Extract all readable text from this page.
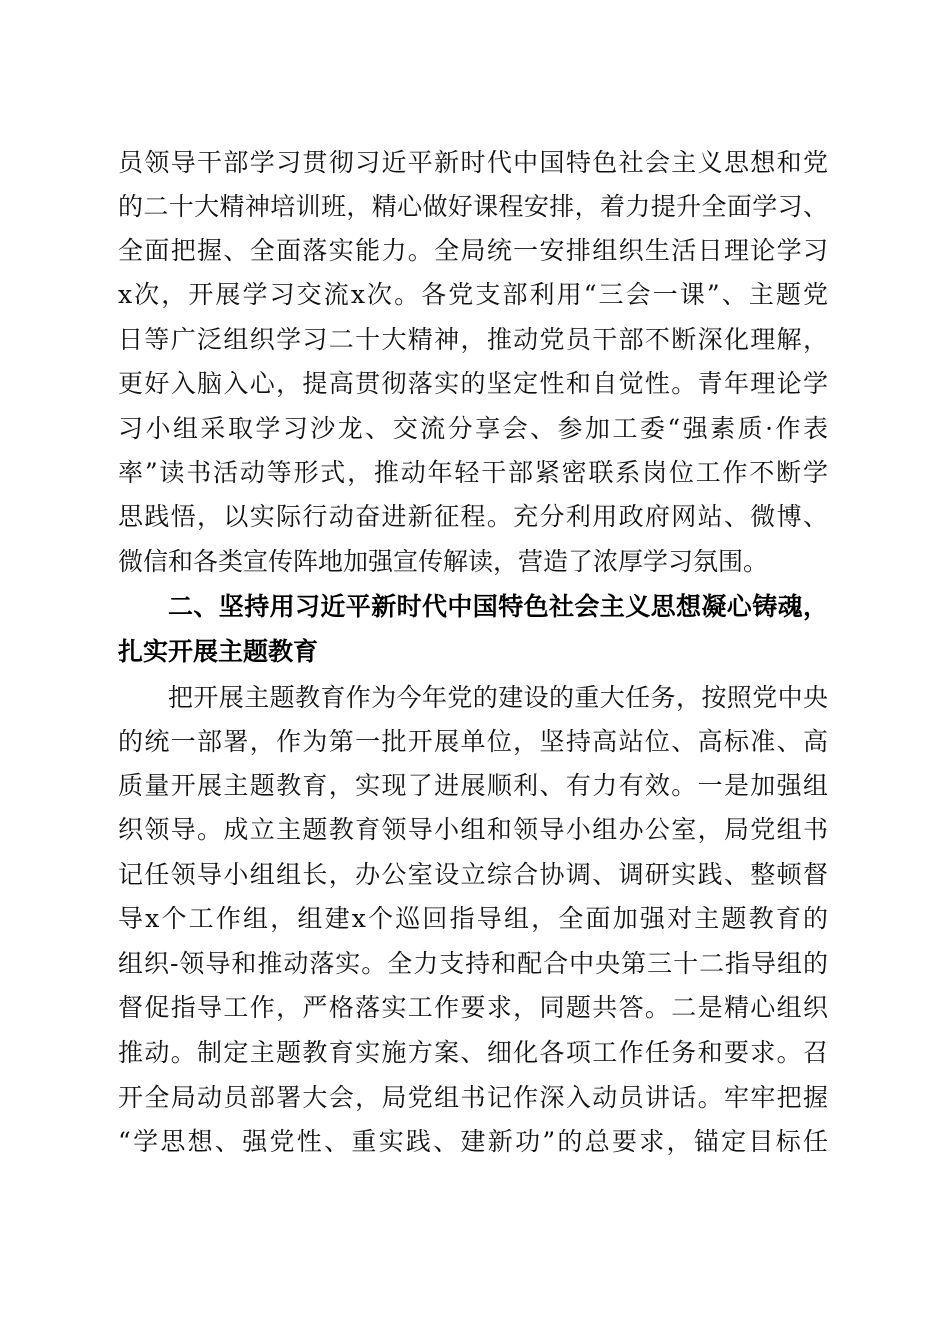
员领导干部学习贯彻习近平新时代中国特色社会主义思想和党
的二十大精神培训班，精心做好课程安排，着力提升全面学习、
全面把握、全面落实能力。全局统一安排组织生活日理论学习
x次，开展学习交流x次。各党支部利用“三会一课”、主题党
日等广泛组织学习二十大精神，推动党员干部不断深化理解，
更好入脑入心，提高贯彻落实的坚定性和自觉性。青年理论学
习小组采取学习沙龙、交流分享会、参加工委“强素质·作表
率”读书活动等形式，推动年轻干部紧密联系岗位工作不断学
思践悟，以实际行动奋进新征程。充分利用政府网站、微博、
微信和各类宣传阵地加强宣传解读，营造了浓厚学习氛围。
二、坚持用习近平新时代中国特色社会主义思想凝心铸魂，
扎实开展主题教育
把开展主题教育作为今年党的建设的重大任务，按照党中央
的统一部署，作为第一批开展单位，坚持高站位、高标准、高
质量开展主题教育，实现了进展顺利、有力有效。一是加强组
织领导。成立主题教育领导小组和领导小组办公室，局党组书
记任领导小组组长，办公室设立综合协调、调研实践、整顿督
导x个工作组，组建x个巡回指导组，全面加强对主题教育的
组织-领导和推动落实。全力支持和配合中央第三十二指导组的
督促指导工作，严格落实工作要求，同题共答。二是精心组织
推动。制定主题教育实施方案、细化各项工作任务和要求。召
开全局动员部署大会，局党组书记作深入动员讲话。牢牢把握
“学思想、强党性、重实践、建新功”的总要求，锚定目标任
